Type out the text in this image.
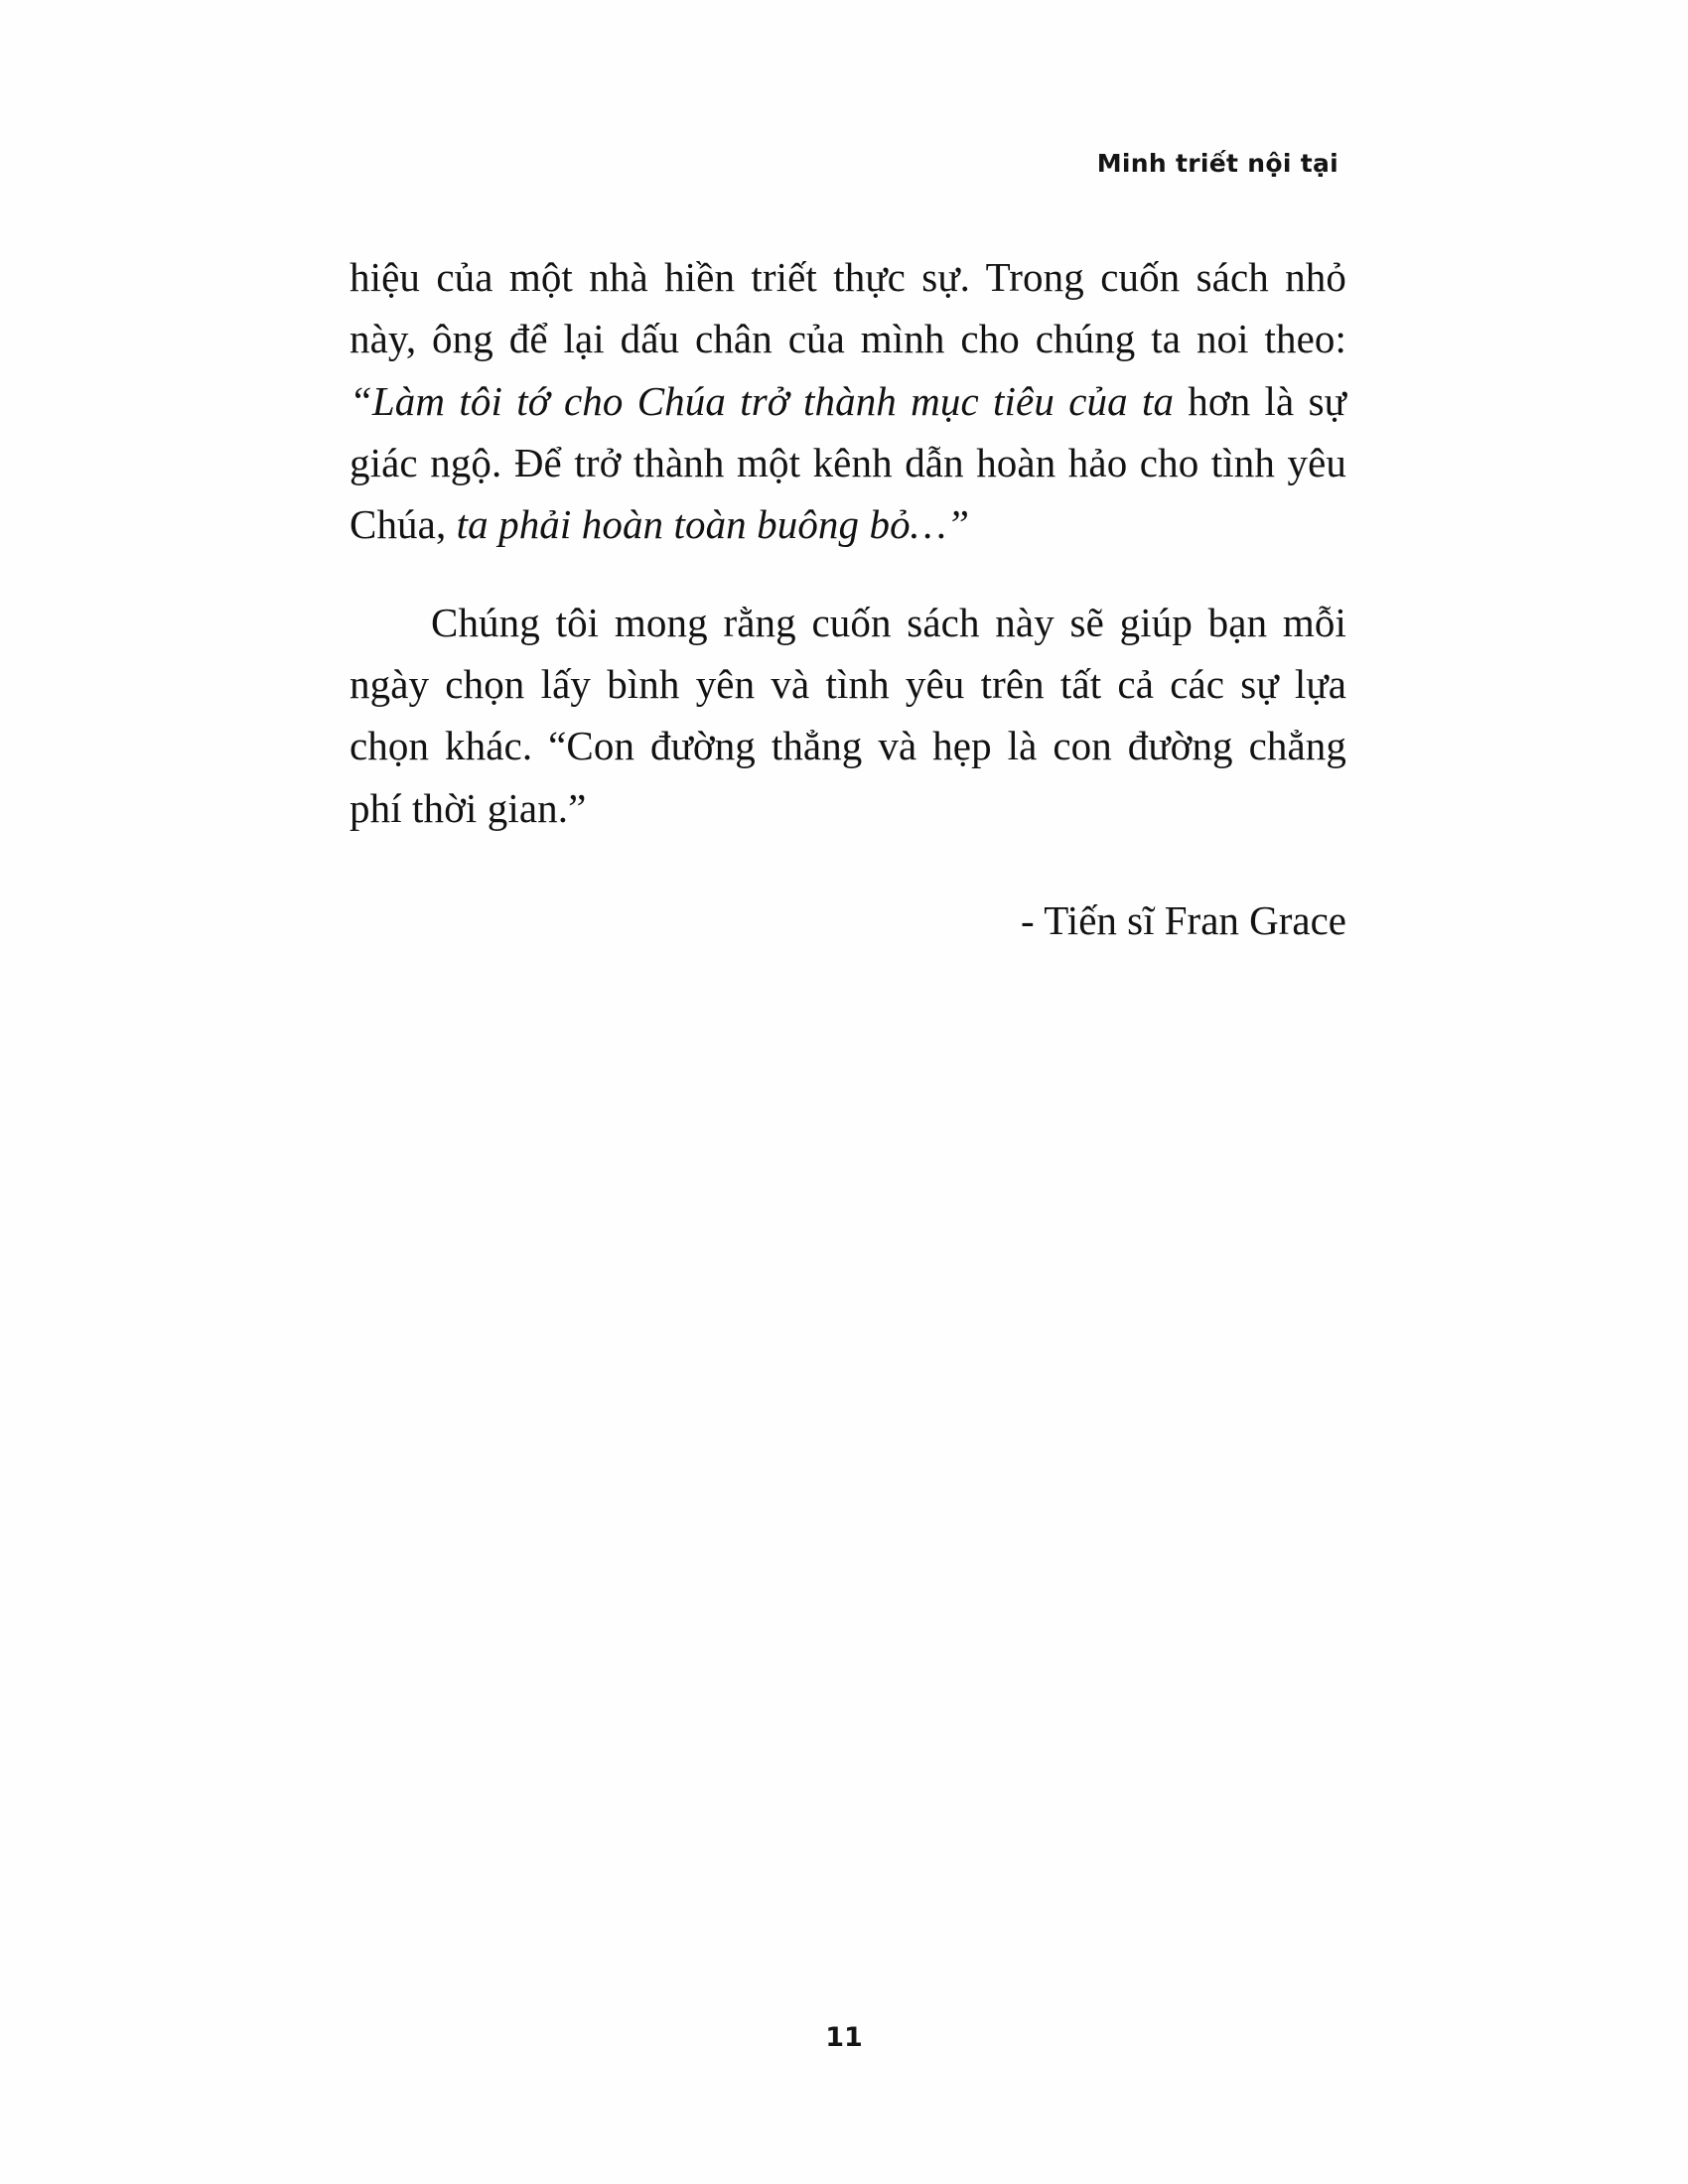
Minh triết nội tại

hiệu của một nhà hiền triết thực sự. Trong cuốn sách nhỏ này, ông để lại dấu chân của mình cho chúng ta noi theo: “Làm tôi tớ cho Chúa trở thành mục tiêu của ta hơn là sự giác ngộ. Để trở thành một kênh dẫn hoàn hảo cho tình yêu Chúa, ta phải hoàn toàn buông bỏ…”

Chúng tôi mong rằng cuốn sách này sẽ giúp bạn mỗi ngày chọn lấy bình yên và tình yêu trên tất cả các sự lựa chọn khác. “Con đường thẳng và hẹp là con đường chẳng phí thời gian.”

- Tiến sĩ Fran Grace
11
